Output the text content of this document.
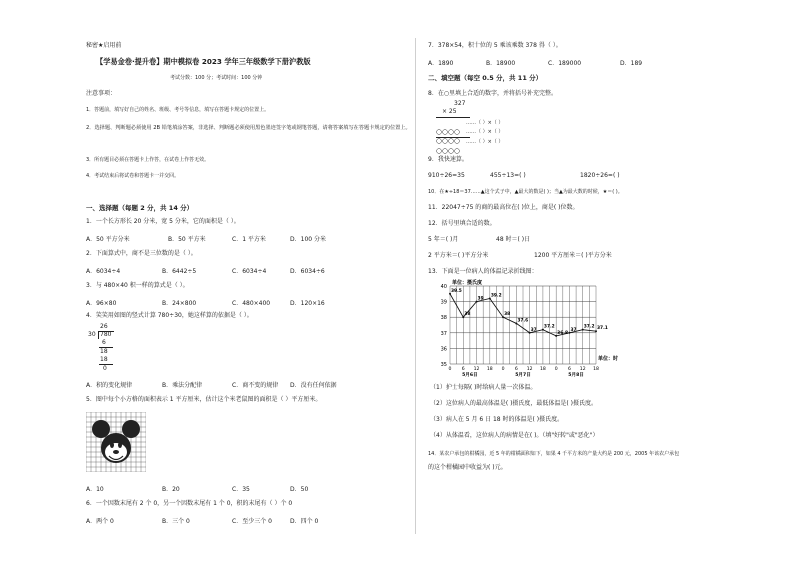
秘密★启用前
【学易金卷·提升卷】期中模拟卷 2023 学年三年级数学下册沪教版
考试分数：100 分；考试时间：100 分钟
注意事项：
1．答题前，填写好自己的姓名、班级、考号等信息，填写在答题卡规定的位置上。
2．选择题、判断题必须使用 2B 铅笔填涂答案，非选择、判断题必须使用黑色墨迹签字笔或钢笔答题，请将答案填写在答题卡规定的位置上。
3．所有题目必须在答题卡上作答，在试卷上作答无效。
4．考试结束后将试卷和答题卡一并交回。
一、选择题（每题 2 分，共 14 分）
1．一个长方形长 20 分米，宽 5 分米，它的面积是（ ）。
A．50 平方分米	B．50 平方米	C．1 平方米	D．100 分米
2．下面算式中，商不是三位数的是（ ）。
A．6034÷4	B．6442÷5	C．6034÷4	D．6034÷6
3．与 480×40 积一样的算式是（ ）。
A．96×80	B．24×800	C．480×400	D．120×16
4．笑笑用如图的竖式计算 780÷30，她这样算的依据是（ ）。
26
30 780
6
18
18
0
A．积的变化规律	B．乘法分配律	C．商不变的规律 D．没有任何依据
5．图中每个小方格的面积表示 1 平方厘米，估计这个米老鼠图的面积是（ ）平方厘米。
A．10	B．20	C．35	D．50
6．一个因数末尾有 2 个 0，另一个因数末尾有 1 个 0，积的末尾有（ ）个 0
A．两个 0	B．三个 0	C．至少三个 0	D．四个 0
7．378×54，积十位的 5 乘该乘数 378 得（ ）。
A．1890	B．18900	C．189000	D．189
二、填空题（每空 0.5 分，共 11 分）
8．在○里填上合适的数字，并将括号补充完整。
327
× 25
……（ ）×（ ）
……（ ）×（ ）
……（ ）×（ ）
9．我快速算。
910÷26=35	455÷13=( )	1820÷26=( )
10．在★÷18＝37……▲这个式子中，▲最大的数是( )；当▲为最大数的时候，★＝( )。
11．22047÷75 的商的最高位在( )位上，商是( )位数。
12．括号里填合适的数。
5 年＝( )月	48 时＝( )日
2 平方米＝( )平方分米	1200 平方厘米＝( )平方分米
13．下面是一位病人的体温记录折线图：
35
36
37
38
39
40
0 6 12 18 0 6 12 18 0 6 12 18
5月6日	5月7日	5月8日
单位：摄氏度
单位：时
39.5
38
39
39.2
38
37.6
37
37.2
36.8
37
37.2 37.1
（1）护士每隔( )时给病人量一次体温。
（2）这位病人的最高体温是( )摄氏度，最低体温是( )摄氏度。
（3）病人在 5 月 6 日 18 时的体温是( )摄氏度。
（4）从体温看，这位病人的病情是在( )。（填"好转"或"恶化"）
14．某农户承包的柑橘园，近 5 年的柑橘面积如下，如果 4 千平方米的产量大约是 200 元，2005 年该农户承包
的这个柑橘园中收益为( )元。
